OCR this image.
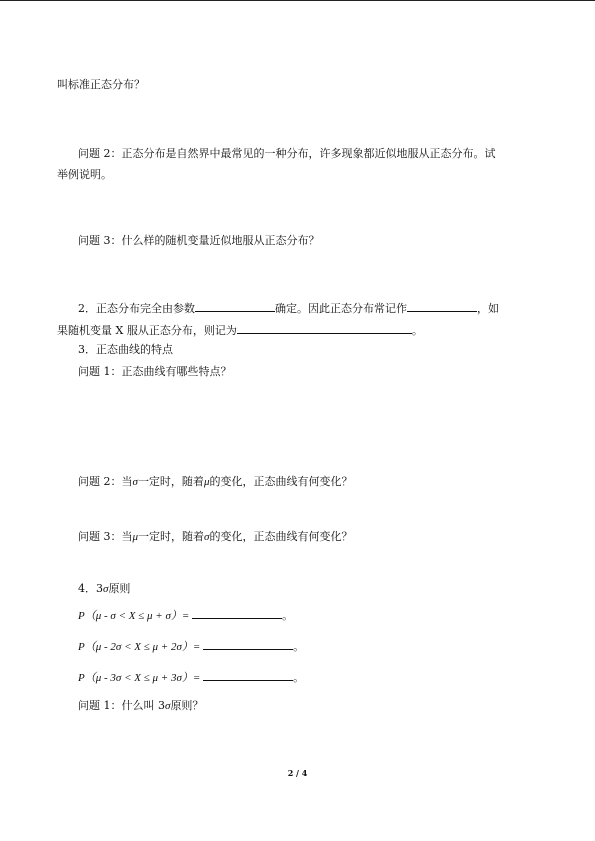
叫标准正态分布？
问题 2：正态分布是自然界中最常见的一种分布，许多现象都近似地服从正态分布。试
举例说明。
问题 3：什么样的随机变量近似地服从正态分布？
2．正态分布完全由参数	确定。因此正态分布常记作	，如
果随机变量 X 服从正态分布，则记为	。
3．正态曲线的特点
问题 1：正态曲线有哪些特点？
问题 2：当σ一定时，随着μ的变化，正态曲线有何变化？
问题 3：当μ一定时，随着σ的变化，正态曲线有何变化？
4．3σ原则
P（μ - σ < X ≤ μ + σ）=	。
P（μ - 2σ < X ≤ μ + 2σ）=	。
P（μ - 3σ < X ≤ μ + 3σ）=	。
问题 1：什么叫 3σ原则？
2 / 4
